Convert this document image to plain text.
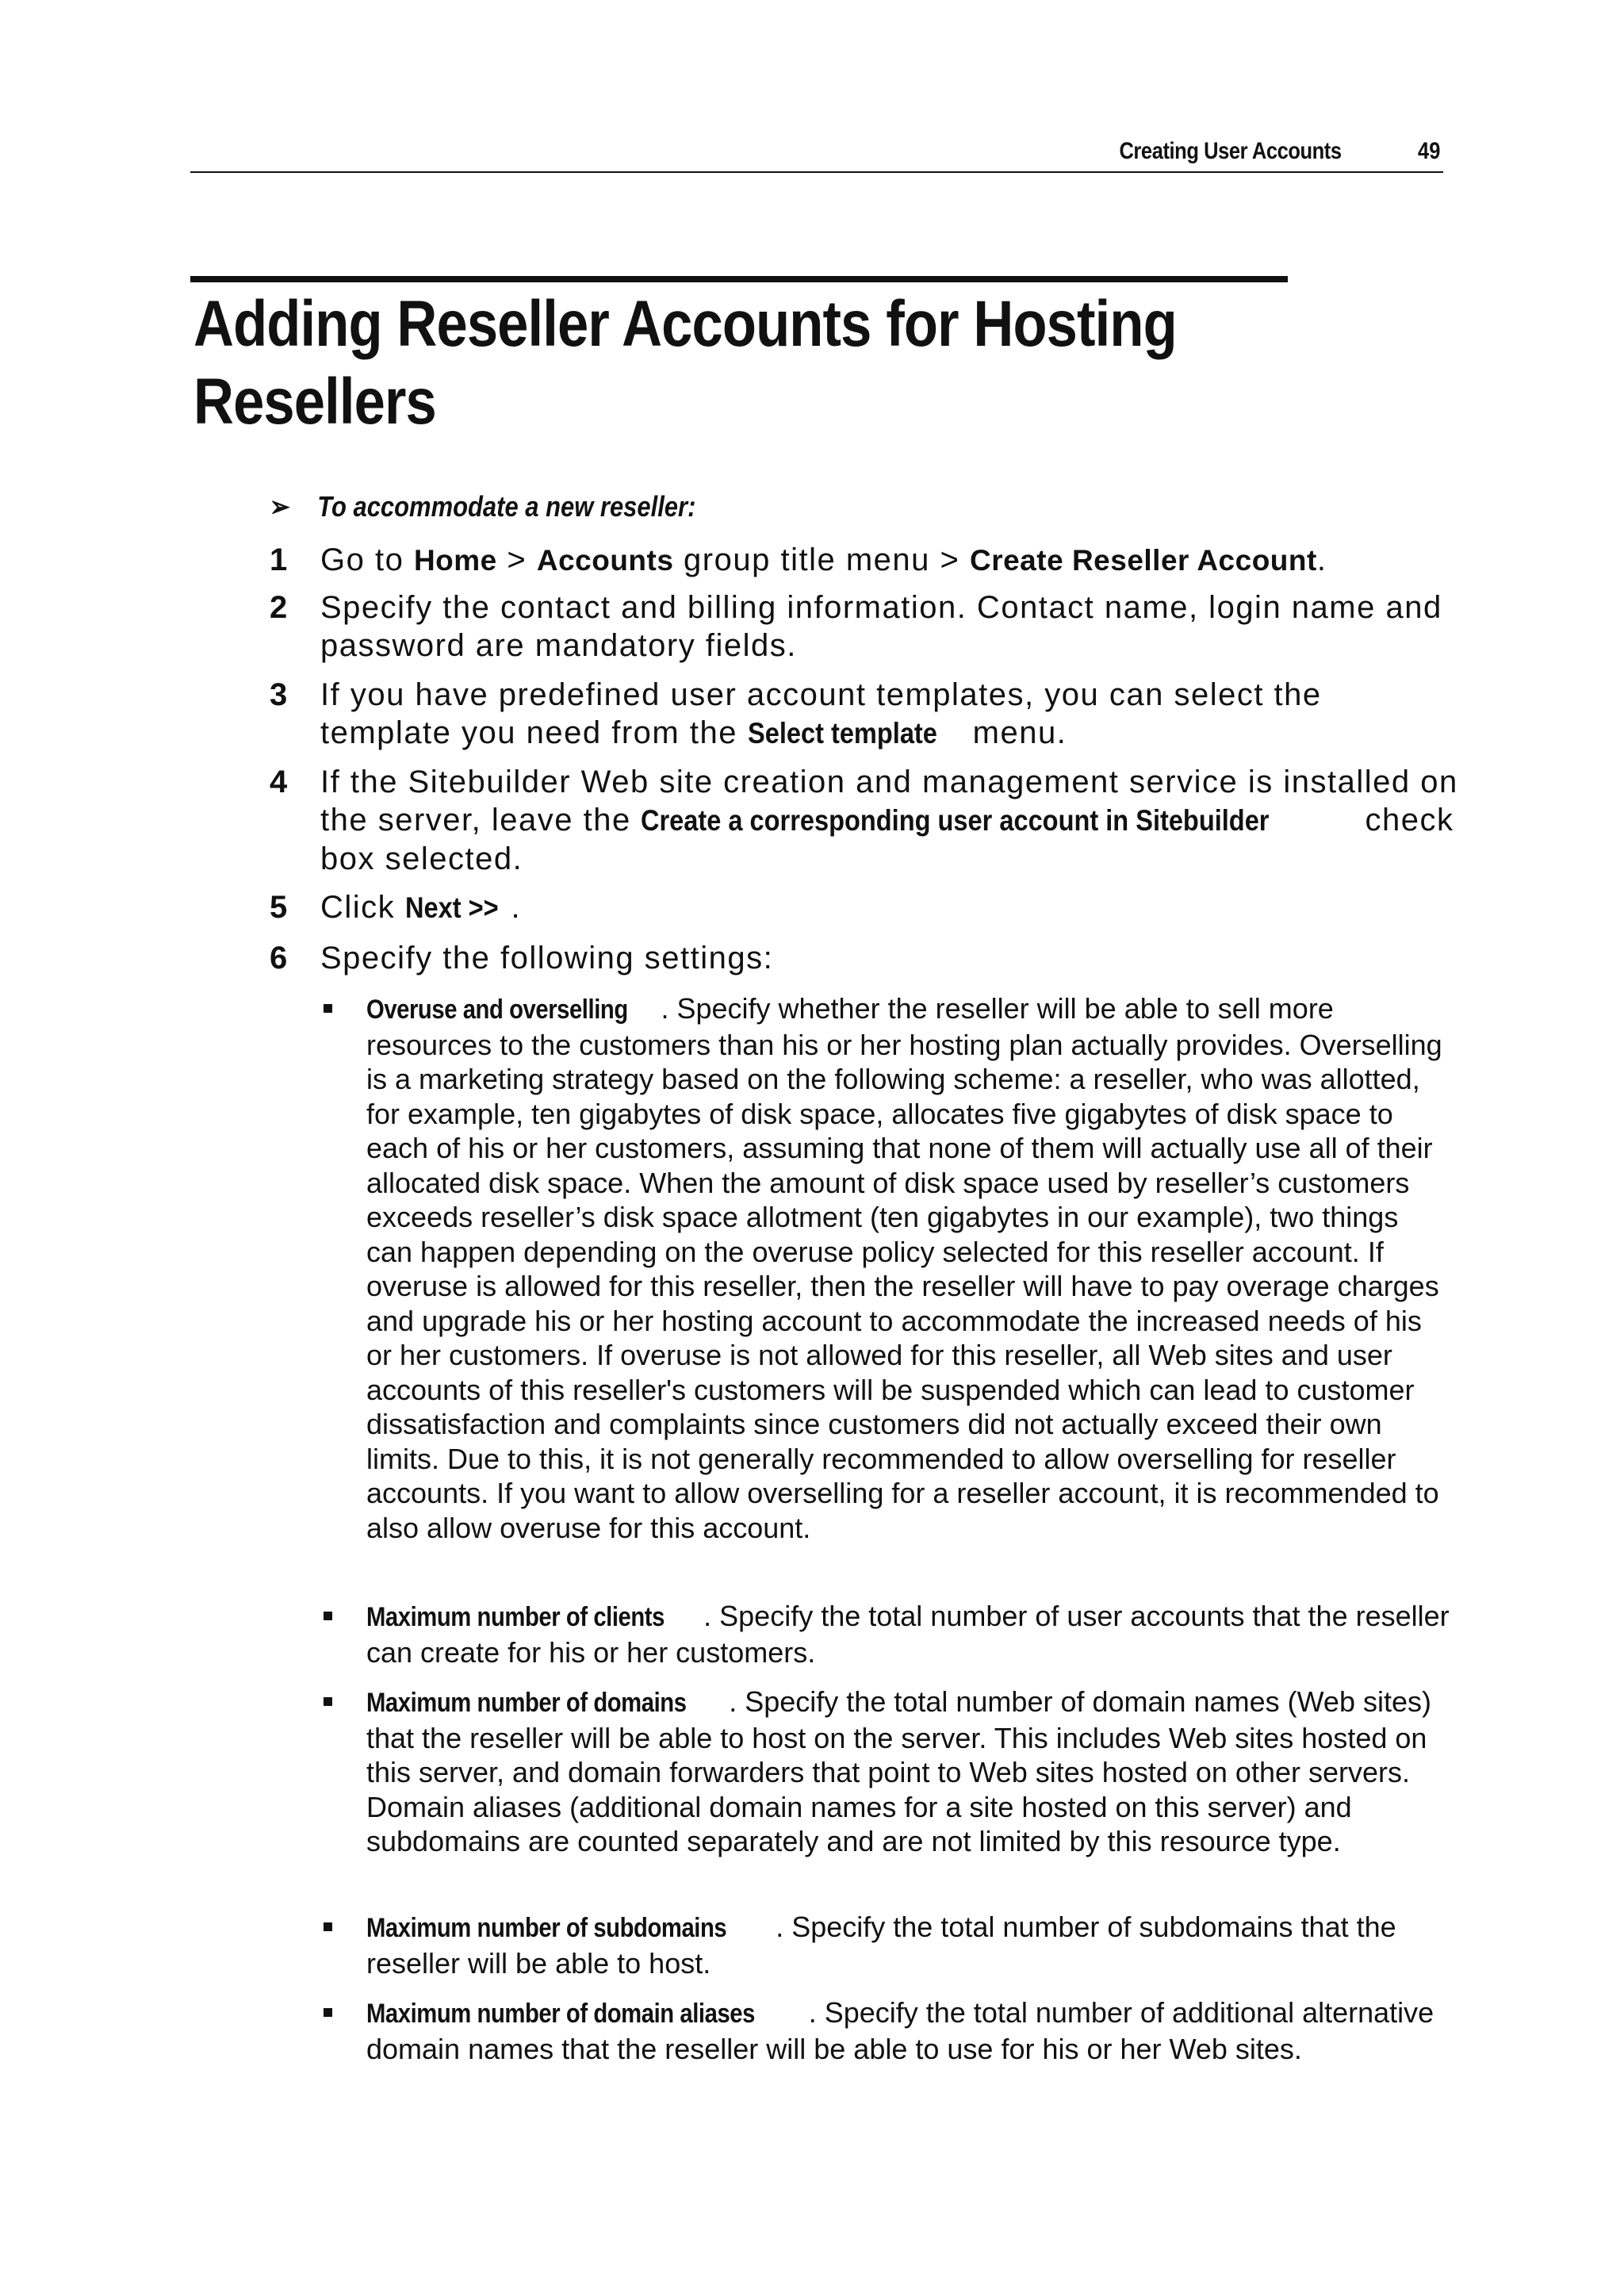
Creating User Accounts	49
Adding Reseller Accounts for Hosting
Resellers
➢ To accommodate a new reseller:
1 Go to Home > Accounts group title menu > Create Reseller Account.
2 Specify the contact and billing information. Contact name, login name and password are mandatory fields.
3 If you have predefined user account templates, you can select the template you need from the Select template menu.
4 If the Sitebuilder Web site creation and management service is installed on the server, leave the Create a corresponding user account in Sitebuilder	check box selected.
5 Click Next >> .
6 Specify the following settings:
Overuse and overselling . Specify whether the reseller will be able to sell more resources to the customers than his or her hosting plan actually provides. Overselling is a marketing strategy based on the following scheme: a reseller, who was allotted, for example, ten gigabytes of disk space, allocates five gigabytes of disk space to each of his or her customers, assuming that none of them will actually use all of their allocated disk space. When the amount of disk space used by reseller’s customers exceeds reseller’s disk space allotment (ten gigabytes in our example), two things can happen depending on the overuse policy selected for this reseller account. If overuse is allowed for this reseller, then the reseller will have to pay overage charges and upgrade his or her hosting account to accommodate the increased needs of his or her customers. If overuse is not allowed for this reseller, all Web sites and user accounts of this reseller's customers will be suspended which can lead to customer dissatisfaction and complaints since customers did not actually exceed their own limits. Due to this, it is not generally recommended to allow overselling for reseller accounts. If you want to allow overselling for a reseller account, it is recommended to also allow overuse for this account.
Maximum number of clients . Specify the total number of user accounts that the reseller can create for his or her customers.
Maximum number of domains . Specify the total number of domain names (Web sites) that the reseller will be able to host on the server. This includes Web sites hosted on this server, and domain forwarders that point to Web sites hosted on other servers. Domain aliases (additional domain names for a site hosted on this server) and subdomains are counted separately and are not limited by this resource type.
Maximum number of subdomains . Specify the total number of subdomains that the reseller will be able to host.
Maximum number of domain aliases . Specify the total number of additional alternative domain names that the reseller will be able to use for his or her Web sites.
